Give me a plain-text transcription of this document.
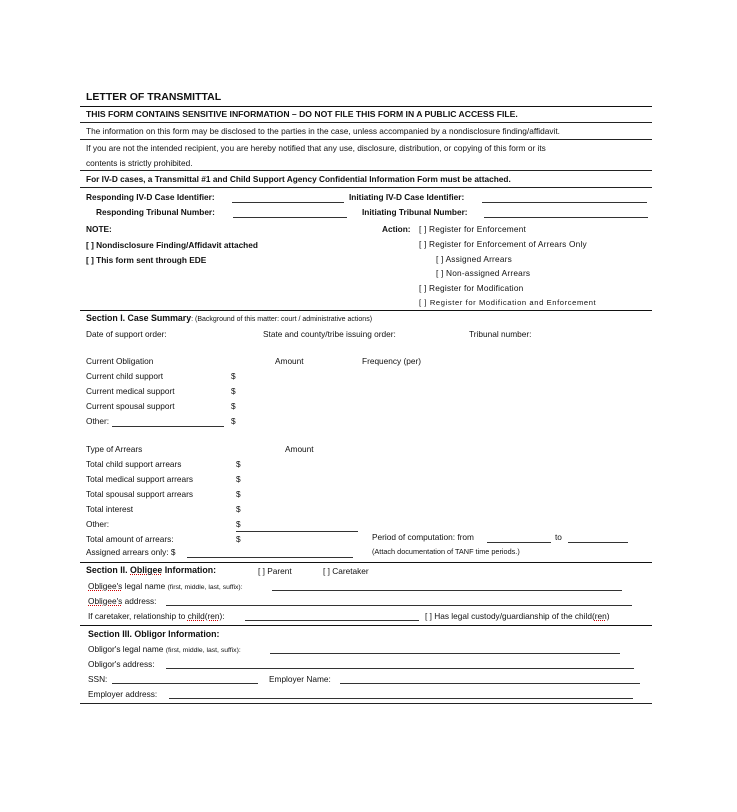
LETTER OF TRANSMITTAL
THIS FORM CONTAINS SENSITIVE INFORMATION – DO NOT FILE THIS FORM IN A PUBLIC ACCESS FILE.
The information on this form may be disclosed to the parties in the case, unless accompanied by a nondisclosure finding/affidavit.
If you are not the intended recipient, you are hereby notified that any use, disclosure, distribution, or copying of this form or its
contents is strictly prohibited.
For IV-D cases, a Transmittal #1 and Child Support Agency Confidential Information Form must be attached.
Responding IV-D Case Identifier:	Initiating IV-D Case Identifier:
Responding Tribunal Number:	Initiating Tribunal Number:
NOTE:
[ ] Nondisclosure Finding/Affidavit attached
[ ] This form sent through EDE
Action: [ ] Register for Enforcement
[ ] Register for Enforcement of Arrears Only
[ ] Assigned Arrears
[ ] Non-assigned Arrears
[ ] Register for Modification
[ ] Register for Modification and Enforcement
Section I. Case Summary: (Background of this matter: court / administrative actions)
Date of support order:	State and county/tribe issuing order:	Tribunal number:
Current Obligation	Amount	Frequency (per)
Current child support	$
Current medical support	$
Current spousal support	$
Other:	$
Type of Arrears	Amount
Total child support arrears	$
Total medical support arrears	$
Total spousal support arrears	$
Total interest	$
Other:	$
Total amount of arrears:	$	Period of computation: from	to
Assigned arrears only: $	(Attach documentation of TANF time periods.)
Section II. Obligee Information:	[ ] Parent	[ ] Caretaker
Obligee's legal name (first, middle, last, suffix):
Obligee's address:
If caretaker, relationship to child(ren):	[ ] Has legal custody/guardianship of the child(ren)
Section III. Obligor Information:
Obligor's legal name (first, middle, last, suffix):
Obligor's address:
SSN:	Employer Name:
Employer address:
